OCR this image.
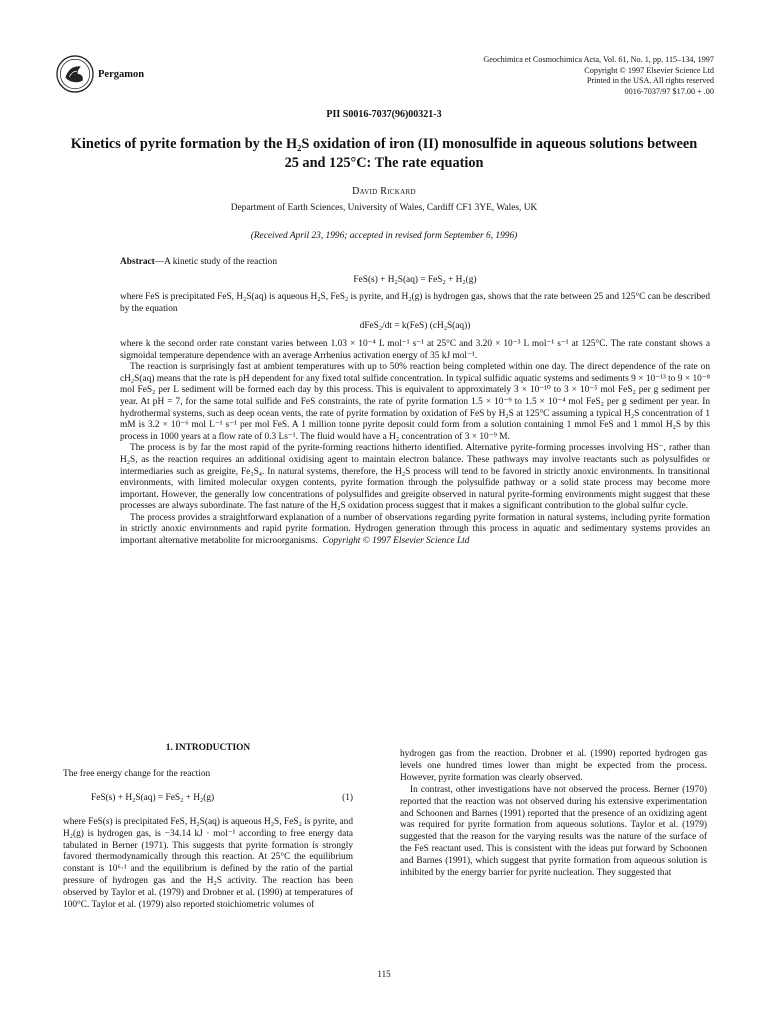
Pergamon
Geochimica et Cosmochimica Acta, Vol. 61, No. 1, pp. 115–134, 1997
Copyright © 1997 Elsevier Science Ltd
Printed in the USA. All rights reserved
0016-7037/97 $17.00 + .00
PII S0016-7037(96)00321-3
Kinetics of pyrite formation by the H₂S oxidation of iron (II) monosulfide in aqueous solutions between 25 and 125°C: The rate equation
David Rickard
Department of Earth Sciences, University of Wales, Cardiff CF1 3YE, Wales, UK
(Received April 23, 1996; accepted in revised form September 6, 1996)

Abstract—A kinetic study of the reaction

FeS(s) + H₂S(aq) = FeS₂ + H₂(g)

where FeS is precipitated FeS, H₂S(aq) is aqueous H₂S, FeS₂ is pyrite, and H₂(g) is hydrogen gas, shows that the rate between 25 and 125°C can be described by the equation

dFeS₂/dt = k(FeS) (cH₂S(aq))

where k the second order rate constant varies between 1.03 × 10⁻⁴ L mol⁻¹ s⁻¹ at 25°C and 3.20 × 10⁻³ L mol⁻¹ s⁻¹ at 125°C. The rate constant shows a sigmoidal temperature dependence with an average Arrhenius activation energy of 35 kJ mol⁻¹.

The reaction is surprisingly fast at ambient temperatures with up to 50% reaction being completed within one day. The direct dependence of the rate on cH₂S(aq) means that the rate is pH dependent for any fixed total sulfide concentration. In typical sulfidic aquatic systems and sediments 9 × 10⁻¹³ to 9 × 10⁻⁸ mol FeS₂ per L sediment will be formed each day by this process. This is equivalent to approximately 3 × 10⁻¹⁰ to 3 × 10⁻⁵ mol FeS₂ per g sediment per year. At pH = 7, for the same total sulfide and FeS constraints, the rate of pyrite formation 1.5 × 10⁻⁹ to 1.5 × 10⁻⁴ mol FeS₂ per g sediment per year. In hydrothermal systems, such as deep ocean vents, the rate of pyrite formation by oxidation of FeS by H₂S at 125°C assuming a typical H₂S concentration of 1 mM is 3.2 × 10⁻⁶ mol L⁻¹ s⁻¹ per mol FeS. A 1 million tonne pyrite deposit could form from a solution containing 1 mmol FeS and 1 mmol H₂S by this process in 1000 years at a flow rate of 0.3 Ls⁻¹. The fluid would have a H₂ concentration of 3 × 10⁻⁹ M.

The process is by far the most rapid of the pyrite-forming reactions hitherto identified. Alternative pyrite-forming processes involving HS⁻, rather than H₂S, as the reaction requires an additional oxidising agent to maintain electron balance. These pathways may involve reactants such as polysulfides or intermediaries such as greigite, Fe₃S₄. In natural systems, therefore, the H₂S process will tend to be favored in strictly anoxic environments. In transitional environments, with limited molecular oxygen contents, pyrite formation through the polysulfide pathway or a solid state process may become more important. However, the generally low concentrations of polysulfides and greigite observed in natural pyrite-forming environments might suggest that these processes are always subordinate. The fast nature of the H₂S oxidation process suggest that it makes a significant contribution to the global sulfur cycle.

The process provides a straightforward explanation of a number of observations regarding pyrite formation in natural systems, including pyrite formation in strictly anoxic environments and rapid pyrite formation. Hydrogen generation through this process in aquatic and sedimentary systems provides an important alternative metabolite for microorganisms. Copyright © 1997 Elsevier Science Ltd

1. INTRODUCTION

The free energy change for the reaction

FeS(s) + H₂S(aq) = FeS₂ + H₂(g)	(1)

where FeS(s) is precipitated FeS, H₂S(aq) is aqueous H₂S, FeS₂ is pyrite, and H₂(g) is hydrogen gas, is −34.14 kJ · mol⁻¹ according to free energy data tabulated in Berner (1971). This suggests that pyrite formation is strongly favored thermodynamically through this reaction. At 25°C the equilibrium constant is 10⁶·¹ and the equilibrium is defined by the ratio of the partial pressure of hydrogen gas and the H₂S activity. The reaction has been observed by Taylor et al. (1979) and Drobner et al. (1990) at temperatures of 100°C. Taylor et al. (1979) also reported stoichiometric volumes of

hydrogen gas from the reaction. Drobner et al. (1990) reported hydrogen gas levels one hundred times lower than might be expected from the process. However, pyrite formation was clearly observed.

In contrast, other investigations have not observed the process. Berner (1970) reported that the reaction was not observed during his extensive experimentation and Schoonen and Barnes (1991) reported that the presence of an oxidizing agent was required for pyrite formation from aqueous solutions. Taylor et al. (1979) suggested that the reason for the varying results was the nature of the surface of the FeS reactant used. This is consistent with the ideas put forward by Schoonen and Barnes (1991), which suggest that pyrite formation from aqueous solution is inhibited by the energy barrier for pyrite nucleation. They suggested that

115
